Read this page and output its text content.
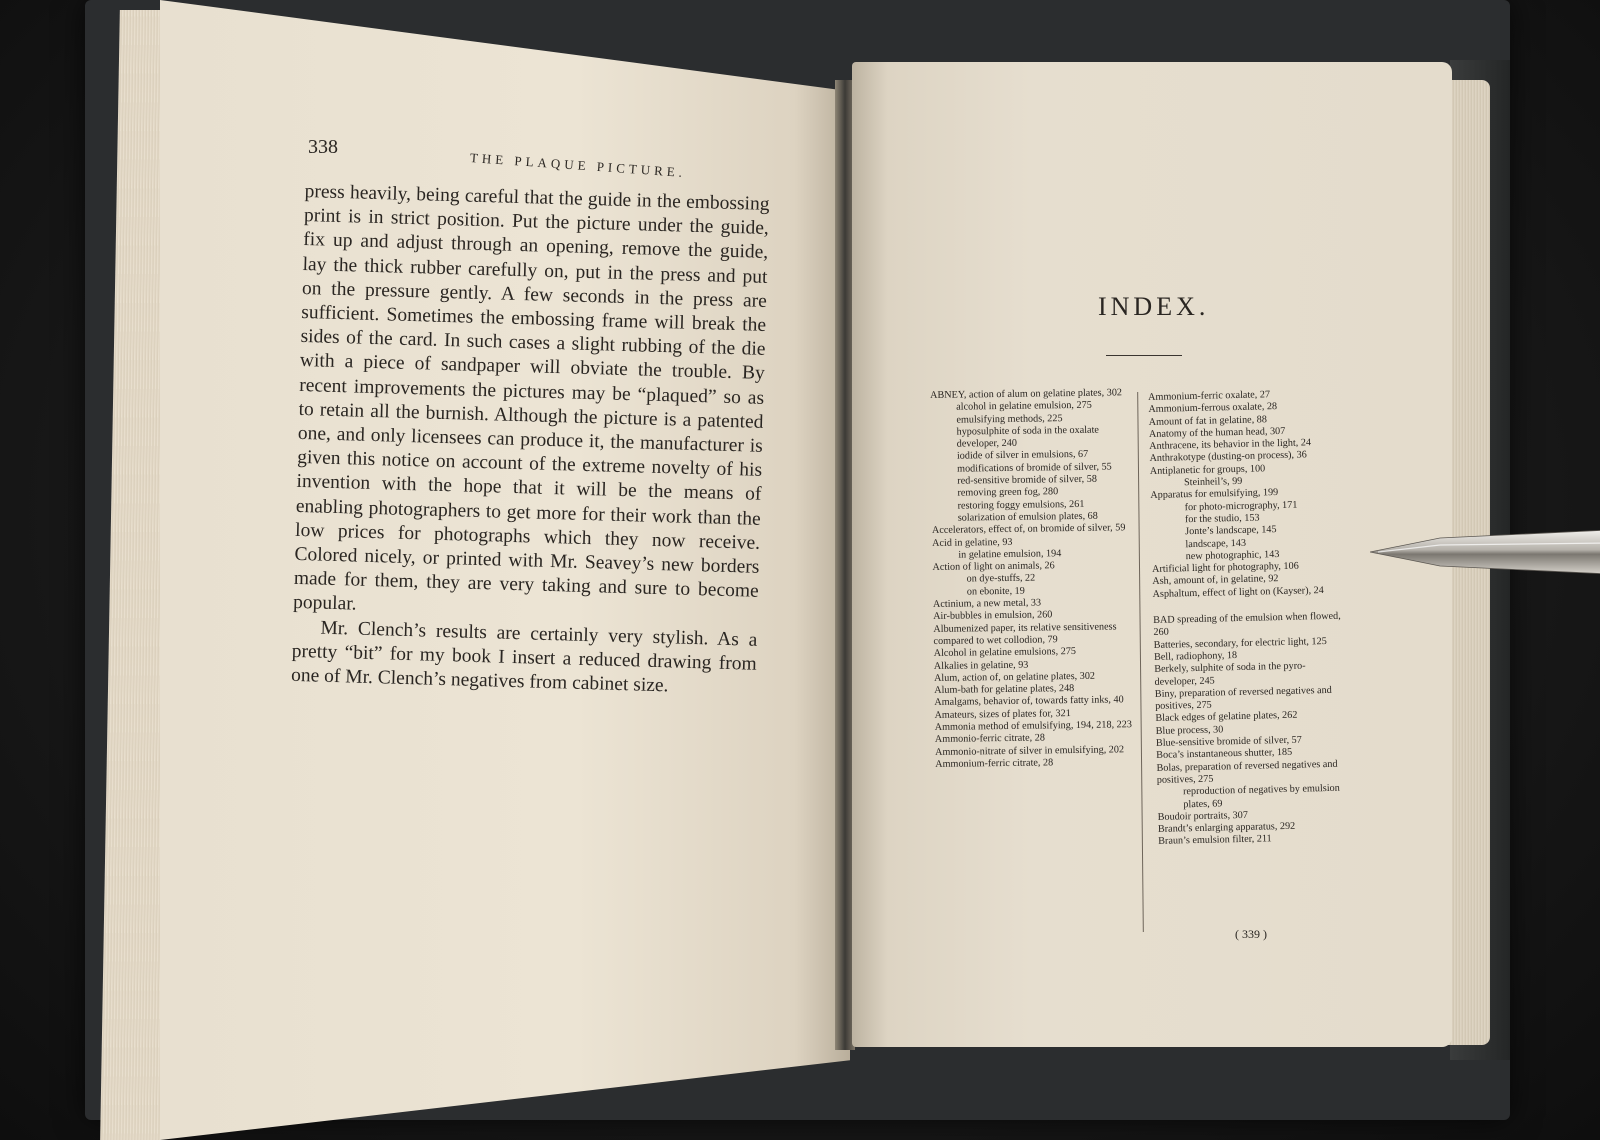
338
THE PLAQUE PICTURE.

press heavily, being careful that the guide in the embossing print is in strict position. Put the picture under the guide, fix up and adjust through an opening, remove the guide, lay the thick rubber carefully on, put in the press and put on the pressure gently. A few seconds in the press are sufficient. Sometimes the embossing frame will break the sides of the card. In such cases a slight rubbing of the die with a piece of sandpaper will obviate the trouble. By recent improvements the pictures may be “plaqued” so as to retain all the burnish. Although the picture is a patented one, and only licensees can produce it, the manufacturer is given this notice on account of the extreme novelty of his invention with the hope that it will be the means of enabling photographers to get more for their work than the low prices for photographs which they now receive. Colored nicely, or printed with Mr. Seavey’s new borders made for them, they are very taking and sure to become popular.

Mr. Clench’s results are certainly very stylish. As a pretty “bit” for my book I insert a reduced drawing from one of Mr. Clench’s negatives from cabinet size.

INDEX.
ABNEY, action of alum on gelatine plates, 302
alcohol in gelatine emulsion, 275
emulsifying methods, 225
hyposulphite of soda in the oxalate developer, 240
iodide of silver in emulsions, 67
modifications of bromide of silver, 55
red-sensitive bromide of silver, 58
removing green fog, 280
restoring foggy emulsions, 261
solarization of emulsion plates, 68
Accelerators, effect of, on bromide of silver, 59
Acid in gelatine, 93
in gelatine emulsion, 194
Action of light on animals, 26
on dye-stuffs, 22
on ebonite, 19
Actinium, a new metal, 33
Air-bubbles in emulsion, 260
Albumenized paper, its relative sensitiveness compared to wet collodion, 79
Alcohol in gelatine emulsions, 275
Alkalies in gelatine, 93
Alum, action of, on gelatine plates, 302
Alum-bath for gelatine plates, 248
Amalgams, behavior of, towards fatty inks, 40
Amateurs, sizes of plates for, 321
Ammonia method of emulsifying, 194, 218, 223
Ammonio-ferric citrate, 28
Ammonio-nitrate of silver in emulsifying, 202
Ammonium-ferric citrate, 28
Ammonium-ferric oxalate, 27
Ammonium-ferrous oxalate, 28
Amount of fat in gelatine, 88
Anatomy of the human head, 307
Anthracene, its behavior in the light, 24
Anthrakotype (dusting-on process), 36
Antiplanetic for groups, 100
Steinheil’s, 99
Apparatus for emulsifying, 199
for photo-micrography, 171
for the studio, 153
Jonte’s landscape, 145
landscape, 143
new photographic, 143
Artificial light for photography, 106
Ash, amount of, in gelatine, 92
Asphaltum, effect of light on (Kayser), 24
BAD spreading of the emulsion when flowed, 260
Batteries, secondary, for electric light, 125
Bell, radiophony, 18
Berkely, sulphite of soda in the pyro-developer, 245
Biny, preparation of reversed negatives and positives, 275
Black edges of gelatine plates, 262
Blue process, 30
Blue-sensitive bromide of silver, 57
Boca’s instantaneous shutter, 185
Bolas, preparation of reversed negatives and positives, 275
reproduction of negatives by emulsion plates, 69
Boudoir portraits, 307
Brandt’s enlarging apparatus, 292
Braun’s emulsion filter, 211
( 339 )
